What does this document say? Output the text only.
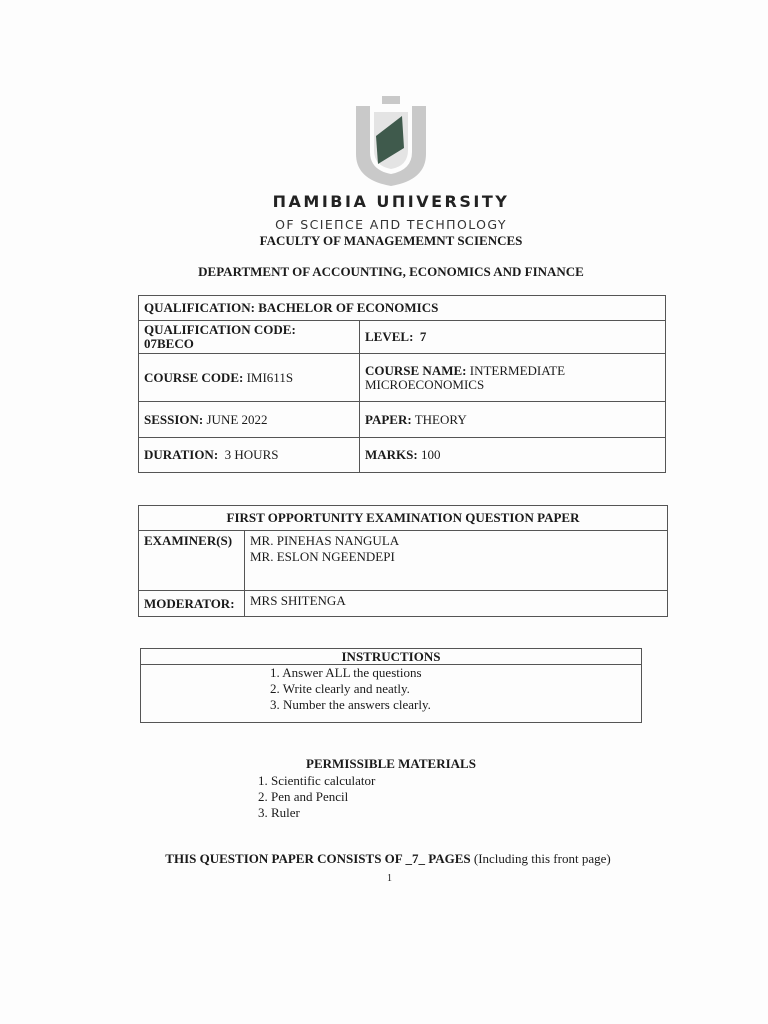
ΠΑΜΙΒΙΑ UΠIVERSITY
OF SCIEΠCE ΑΠD TECHΠOLOGY
FACULTY OF MANAGEMEMNT SCIENCES
DEPARTMENT OF ACCOUNTING, ECONOMICS AND FINANCE
QUALIFICATION: BACHELOR OF ECONOMICS	
QUALIFICATION CODE:
07BECO	LEVEL: 7
COURSE CODE: IMI611S	COURSE NAME: INTERMEDIATE
MICROECONOMICS
SESSION: JUNE 2022	PAPER: THEORY
DURATION: 3 HOURS	MARKS: 100
FIRST OPPORTUNITY EXAMINATION QUESTION PAPER	
EXAMINER(S)	MR. PINEHAS NANGULA
MR. ESLON NGEENDEPI

MODERATOR:	MRS SHITENGA
INSTRUCTIONS

1. Answer ALL the questions
2. Write clearly and neatly.
3. Number the answers clearly.
PERMISSIBLE MATERIALS
1. Scientific calculator
2. Pen and Pencil
3. Ruler
THIS QUESTION PAPER CONSISTS OF _7_ PAGES (Including this front page)
1
